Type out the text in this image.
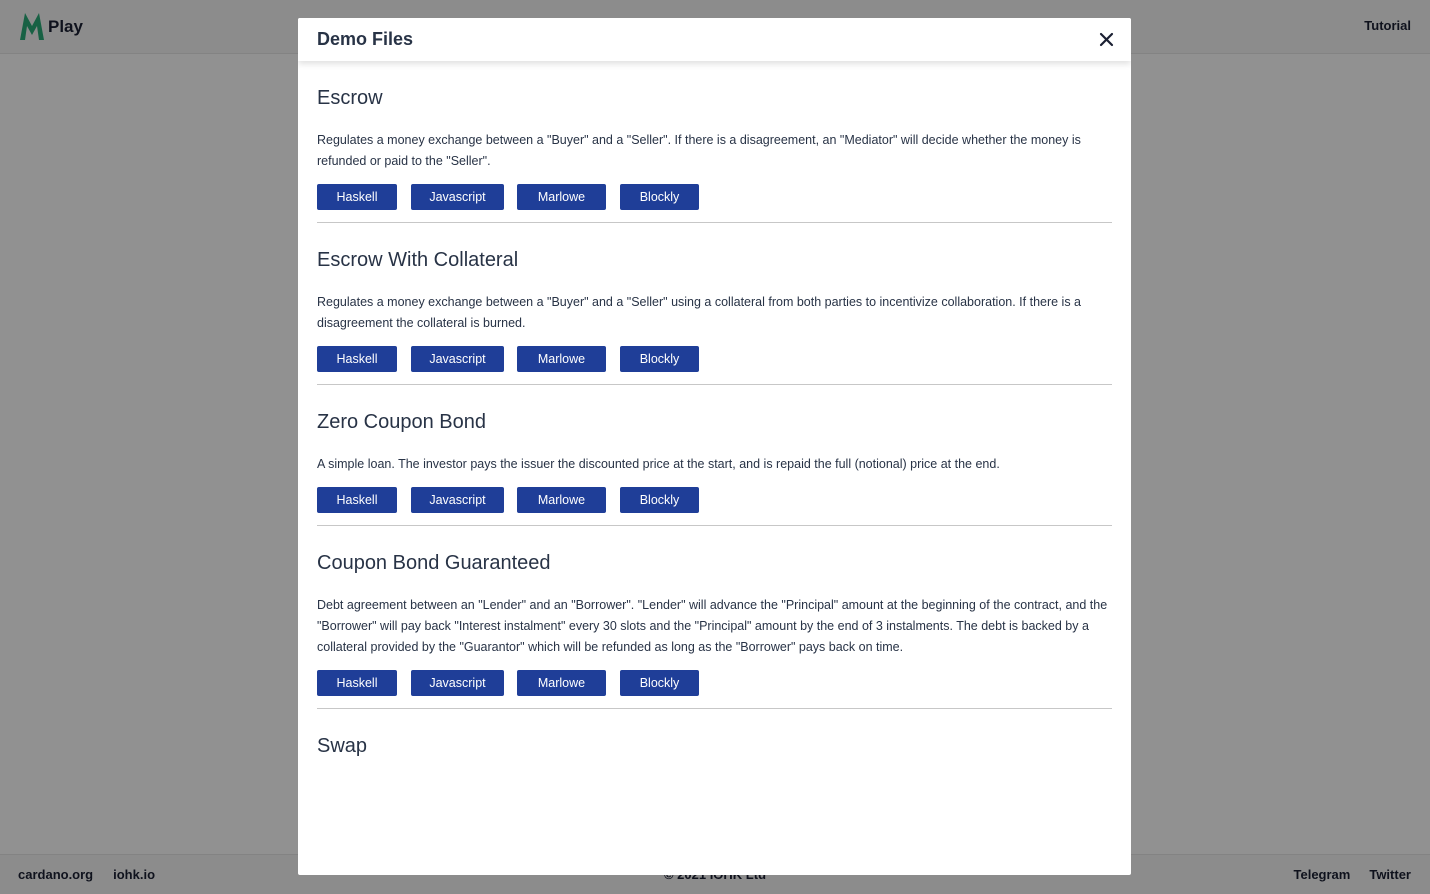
Play	Tutorial
cardano.org iohk.io	Telegram Twitter
Demo Files
Escrow

Regulates a money exchange between a "Buyer" and a "Seller". If there is a disagreement, an "Mediator" will decide whether the money is refunded or paid to the "Seller".

Haskell	Javascript	Marlowe	Blockly
Escrow With Collateral

Regulates a money exchange between a "Buyer" and a "Seller" using a collateral from both parties to incentivize collaboration. If there is a disagreement the collateral is burned.

Haskell	Javascript	Marlowe	Blockly
Zero Coupon Bond

A simple loan. The investor pays the issuer the discounted price at the start, and is repaid the full (notional) price at the end.

Haskell	Javascript	Marlowe	Blockly
Coupon Bond Guaranteed

Debt agreement between an "Lender" and an "Borrower". "Lender" will advance the "Principal" amount at the beginning of the contract, and the "Borrower" will pay back "Interest instalment" every 30 slots and the "Principal" amount by the end of 3 instalments. The debt is backed by a collateral provided by the "Guarantor" which will be refunded as long as the "Borrower" pays back on time.

Haskell	Javascript	Marlowe	Blockly
Swap
